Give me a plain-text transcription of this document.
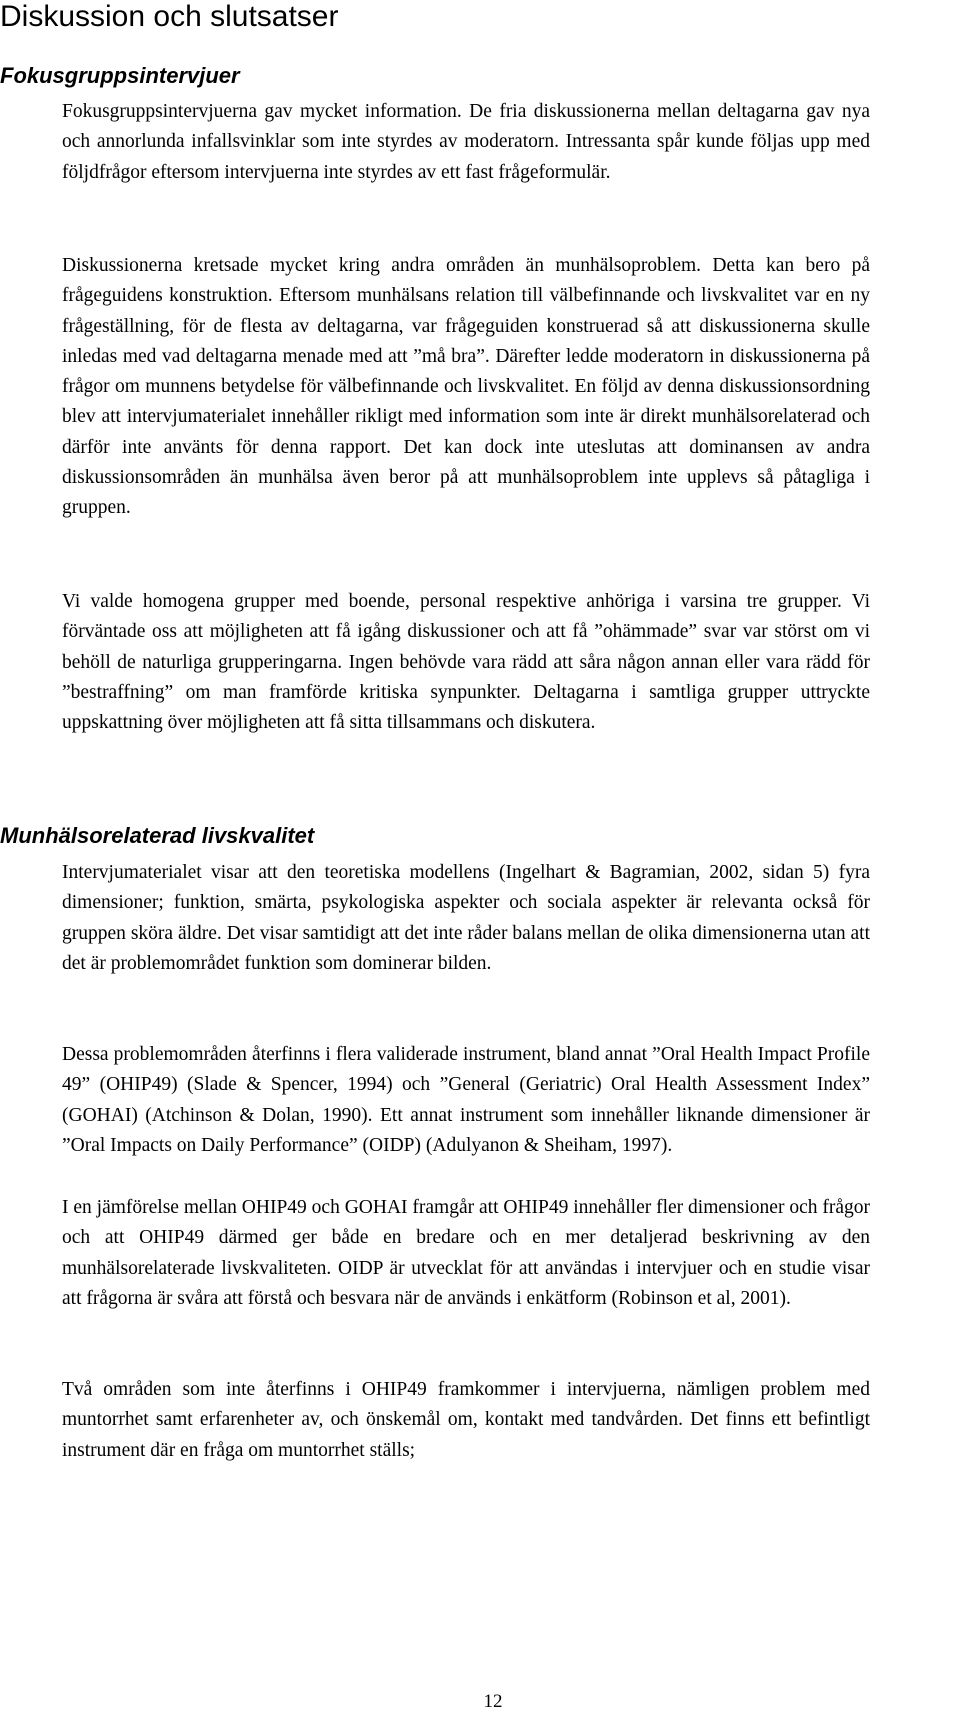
Diskussion och slutsatser
Fokusgruppsintervjuer

Fokusgruppsintervjuerna gav mycket information. De fria diskussionerna mellan deltagarna gav nya och annorlunda infallsvinklar som inte styrdes av moderatorn. Intressanta spår kunde följas upp med följdfrågor eftersom intervjuerna inte styrdes av ett fast frågeformulär.

Diskussionerna kretsade mycket kring andra områden än munhälsoproblem. Detta kan bero på frågeguidens konstruktion. Eftersom munhälsans relation till välbefinnande och livskvalitet var en ny frågeställning, för de flesta av deltagarna, var frågeguiden konstruerad så att diskussionerna skulle inledas med vad deltagarna menade med att ”må bra”. Därefter ledde moderatorn in diskussionerna på frågor om munnens betydelse för välbefinnande och livskvalitet. En följd av denna diskussionsordning blev att intervjumaterialet innehåller rikligt med information som inte är direkt munhälsorelaterad och därför inte använts för denna rapport. Det kan dock inte uteslutas att dominansen av andra diskussionsområden än munhälsa även beror på att munhälsoproblem inte upplevs så påtagliga i gruppen.

Vi valde homogena grupper med boende, personal respektive anhöriga i varsina tre grupper. Vi förväntade oss att möjligheten att få igång diskussioner och att få ”ohämmade” svar var störst om vi behöll de naturliga grupperingarna. Ingen behövde vara rädd att såra någon annan eller vara rädd för ”bestraffning” om man framförde kritiska synpunkter. Deltagarna i samtliga grupper uttryckte uppskattning över möjligheten att få sitta tillsammans och diskutera.

Munhälsorelaterad livskvalitet

Intervjumaterialet visar att den teoretiska modellens (Ingelhart & Bagramian, 2002, sidan 5) fyra dimensioner; funktion, smärta, psykologiska aspekter och sociala aspekter är relevanta också för gruppen sköra äldre. Det visar samtidigt att det inte råder balans mellan de olika dimensionerna utan att det är problemområdet funktion som dominerar bilden.

Dessa problemområden återfinns i flera validerade instrument, bland annat ”Oral Health Impact Profile 49” (OHIP49) (Slade & Spencer, 1994) och ”General (Geriatric) Oral Health Assessment Index” (GOHAI) (Atchinson & Dolan, 1990). Ett annat instrument som innehåller liknande dimensioner är ”Oral Impacts on Daily Performance” (OIDP) (Adulyanon & Sheiham, 1997).

I en jämförelse mellan OHIP49 och GOHAI framgår att OHIP49 innehåller fler dimensioner och frågor och att OHIP49 därmed ger både en bredare och en mer detaljerad beskrivning av den munhälsorelaterade livskvaliteten. OIDP är utvecklat för att användas i intervjuer och en studie visar att frågorna är svåra att förstå och besvara när de används i enkätform (Robinson et al, 2001).

Två områden som inte återfinns i OHIP49 framkommer i intervjuerna, nämligen problem med muntorrhet samt erfarenheter av, och önskemål om, kontakt med tandvården. Det finns ett befintligt instrument där en fråga om muntorrhet ställs;

12
